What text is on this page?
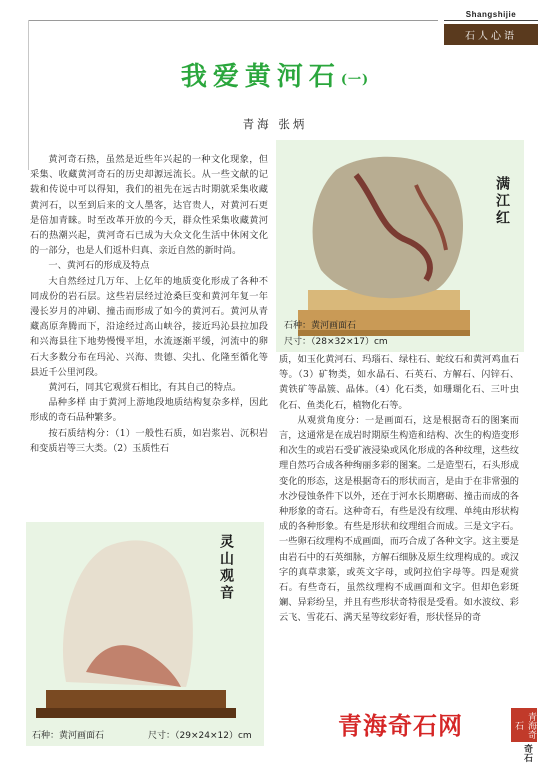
Shangshijie
石人心语
我爱黄河石(一)
青海 张炳

黄河奇石热，虽然是近些年兴起的一种文化现象，但采集、收藏黄河奇石的历史却源远流长。从一些文献的记载和传说中可以得知，我们的祖先在远古时期就采集收藏黄河石，以至到后来的文人墨客，达官贵人，对黄河石更是倍加青睐。时至改革开放的今天，群众性采集收藏黄河石的热潮兴起，黄河奇石已成为大众文化生活中休闲文化的一部分，也是人们返朴归真、亲近自然的新时尚。

一、黄河石的形成及特点

大自然经过几万年、上亿年的地质变化形成了各种不同成份的岩石层。这些岩层经过沧桑巨变和黄河年复一年漫长岁月的冲刷、撞击而形成了如今的黄河石。黄河从青藏高原奔腾而下，沿途经过高山峡谷，接近玛沁县拉加段和兴海县往下地势慢慢平坦，水流逐渐平缓，河流中的卵石大多数分布在玛沁、兴海、贵德、尖扎、化隆至循化等县近千公里河段。

黄河石，同其它观赏石相比，有其自己的特点。

品种多样 由于黄河上游地段地质结构复杂多样，因此形成的奇石品种繁多。

按石质结构分：（1）一般性石质，如岩浆岩、沉积岩和变质岩等三大类。（2）玉质性石

满江红
石种：黄河画面石
尺寸：（28×32×17）cm

质，如玉化黄河石、玛瑙石、绿柱石、蛇纹石和黄河鸡血石等。（3）矿物类，如水晶石、石英石、方解石、闪锌石、黄铁矿等晶簇、晶体。（4）化石类，如珊瑚化石、三叶虫化石、鱼类化石，植物化石等。

从观赏角度分：一是画面石，这是根据奇石的图案而言，这通常是在成岩时期原生构造和结构、次生的构造变形和次生的或岩石受矿液浸染或风化形成的各种纹理，这些纹理自然巧合成各种绚丽多彩的图案。二是造型石，石头形成变化的形态，这是根据奇石的形状而言，是由于在非常强的水沙侵蚀条件下以外，还在于河水长期磨砺、撞击而成的各种形象的奇石。这种奇石，有些是没有纹理、单纯由形状构成的各种形象。有些是形状和纹理组合而成。三是文字石。一些卵石纹理构不成画面，而巧合成了各种文字。这主要是由岩石中的石英细脉，方解石细脉及原生纹理构成的。或汉字的真草隶篆，或英文字母，或阿拉伯字母等。四是观赏石。有些奇石，虽然纹理构不成画面和文字。但却色彩斑斓、异彩纷呈，并且有些形状奇特很是受看。如水波纹、彩云飞、雪花石、满天星等纹彩好看，形状怪异的奇

灵山观音
石种：黄河画面石	尺寸：（29×24×12）cm	青海奇石网	青海奇石
奇石
